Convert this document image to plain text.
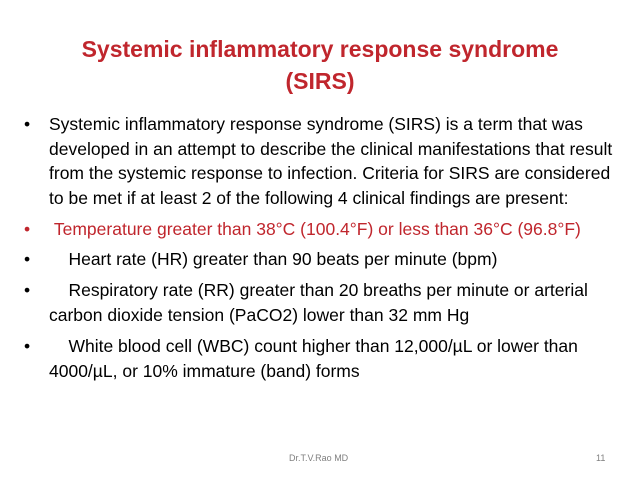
Systemic inflammatory response syndrome
(SIRS)
• Systemic inflammatory response syndrome (SIRS) is a term that was developed in an attempt to describe the clinical manifestations that result from the systemic response to infection. Criteria for SIRS are considered to be met if at least 2 of the following 4 clinical findings are present:
• Temperature greater than 38°C (100.4°F) or less than 36°C (96.8°F)
• Heart rate (HR) greater than 90 beats per minute (bpm)
• Respiratory rate (RR) greater than 20 breaths per minute or arterial carbon dioxide tension (PaCO2) lower than 32 mm Hg
• White blood cell (WBC) count higher than 12,000/µL or lower than 4000/µL, or 10% immature (band) forms
Dr.T.V.Rao MD	11
